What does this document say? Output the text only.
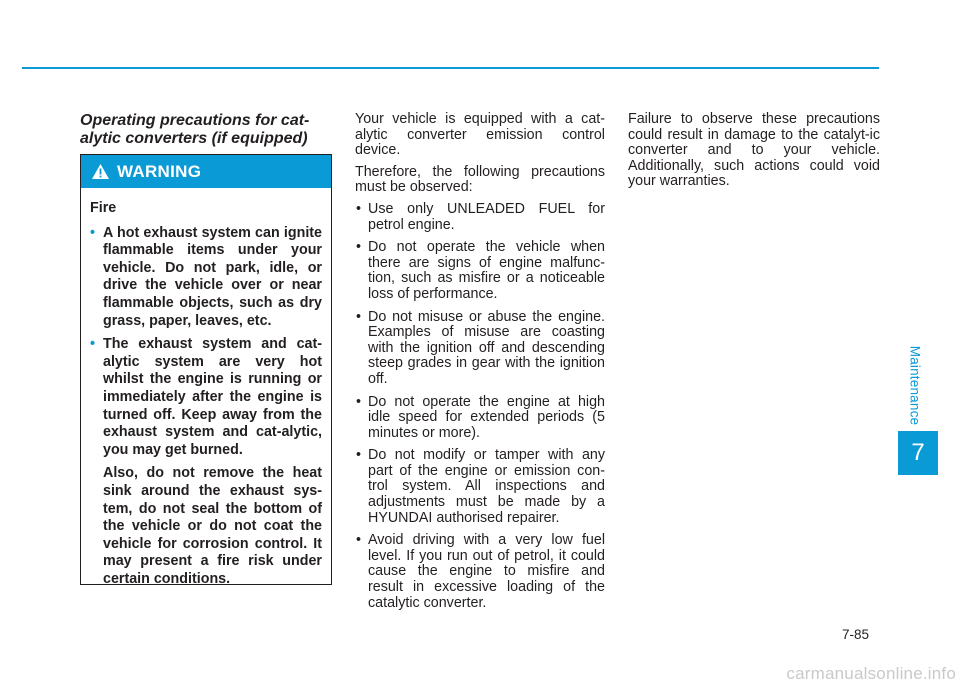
Maintenance
7
Operating precautions for cat-alytic converters (if equipped)
WARNING

Fire

• A hot exhaust system can ignite flammable items under your vehicle. Do not park, idle, or drive the vehicle over or near flammable objects, such as dry grass, paper, leaves, etc.
• The exhaust system and cat-alytic system are very hot whilst the engine is running or immediately after the engine is turned off. Keep away from the exhaust system and cat-alytic, you may get burned.
Also, do not remove the heat sink around the exhaust sys-tem, do not seal the bottom of the vehicle or do not coat the vehicle for corrosion control. It may present a fire risk under certain conditions.

Your vehicle is equipped with a cat-alytic converter emission control device.

Therefore, the following precautions must be observed:

• Use only UNLEADED FUEL for petrol engine.
• Do not operate the vehicle when there are signs of engine malfunc-tion, such as misfire or a noticeable loss of performance.
• Do not misuse or abuse the engine. Examples of misuse are coasting with the ignition off and descending steep grades in gear with the ignition off.
• Do not operate the engine at high idle speed for extended periods (5 minutes or more).
• Do not modify or tamper with any part of the engine or emission con-trol system. All inspections and adjustments must be made by a HYUNDAI authorised repairer.
• Avoid driving with a very low fuel level. If you run out of petrol, it could cause the engine to misfire and result in excessive loading of the catalytic converter.

Failure to observe these precautions could result in damage to the catalyt-ic converter and to your vehicle. Additionally, such actions could void your warranties.

7-85
carmanualsonline.info
